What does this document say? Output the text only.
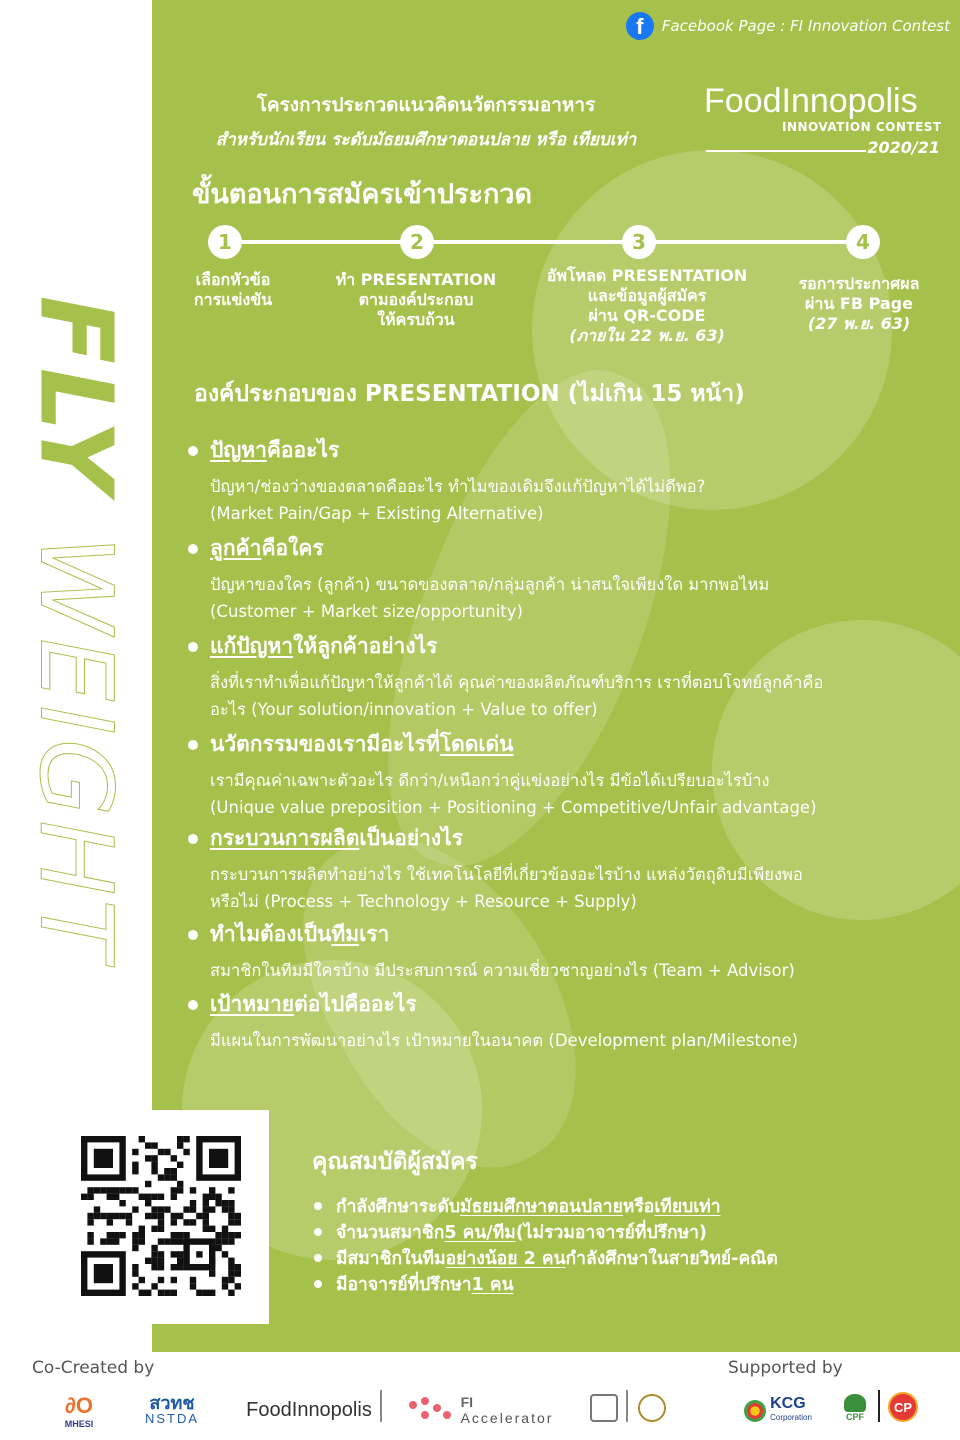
FLY WEIGHT
f	Facebook Page : FI Innovation Contest
โครงการประกวดแนวคิดนวัตกรรมอาหาร
สำหรับนักเรียน ระดับมัธยมศึกษาตอนปลาย หรือ เทียบเท่า
FoodInnopolis
INNOVATION CONTEST
2020/21
ขั้นตอนการสมัครเข้าประกวด
1	2	3	4
เลือกหัวข้อ
การแข่งขัน
ทำ PRESENTATION
ตามองค์ประกอบ
ให้ครบถ้วน
อัพโหลด PRESENTATION
และข้อมูลผู้สมัคร
ผ่าน QR-CODE
(ภายใน 22 พ.ย. 63)
รอการประกาศผล
ผ่าน FB Page
(27 พ.ย. 63)
องค์ประกอบของ PRESENTATION (ไม่เกิน 15 หน้า)
ปัญหา คืออะไร
ปัญหา/ช่องว่างของตลาดคืออะไร ทำไมของเดิมจึงแก้ปัญหาได้ไม่ดีพอ?
(Market Pain/Gap + Existing Alternative)
ลูกค้า คือใคร
ปัญหาของใคร (ลูกค้า) ขนาดของตลาด/กลุ่มลูกค้า น่าสนใจเพียงใด มากพอไหม
(Customer + Market size/opportunity)
แก้ปัญหา ให้ลูกค้าอย่างไร
สิ่งที่เราทำเพื่อแก้ปัญหาให้ลูกค้าได้ คุณค่าของผลิตภัณฑ์บริการ เราที่ตอบโจทย์ลูกค้าคือ
อะไร (Your solution/innovation + Value to offer)
นวัตกรรมของเรามีอะไรที่ โดดเด่น
เรามีคุณค่าเฉพาะตัวอะไร ดีกว่า/เหนือกว่าคู่แข่งอย่างไร มีข้อได้เปรียบอะไรบ้าง
(Unique value preposition + Positioning + Competitive/Unfair advantage)
กระบวนการผลิต เป็นอย่างไร
กระบวนการผลิตทำอย่างไร ใช้เทคโนโลยีที่เกี่ยวข้องอะไรบ้าง แหล่งวัตถุดิบมีเพียงพอ
หรือไม่ (Process + Technology + Resource + Supply)
ทำไมต้องเป็น ทีม เรา
สมาชิกในทีมมีใครบ้าง มีประสบการณ์ ความเชี่ยวชาญอย่างไร (Team + Advisor)
เป้าหมาย ต่อไปคืออะไร
มีแผนในการพัฒนาอย่างไร เป้าหมายในอนาคต (Development plan/Milestone)
คุณสมบัติผู้สมัคร
กำลังศึกษาระดับ มัธยมศึกษาตอนปลาย หรือ เทียบเท่า
จำนวนสมาชิก 5 คน/ทีม (ไม่รวมอาจารย์ที่ปรึกษา)
มีสมาชิกในทีม อย่างน้อย 2 คน กำลังศึกษาในสายวิทย์-คณิต
มีอาจารย์ที่ปรึกษา 1 คน
Co-Created by	Supported by
∂O
MHESI
สวทช
NSTDA FoodInnopolis	FI
Accelerator
KCG
Corporation	CPF
CP
